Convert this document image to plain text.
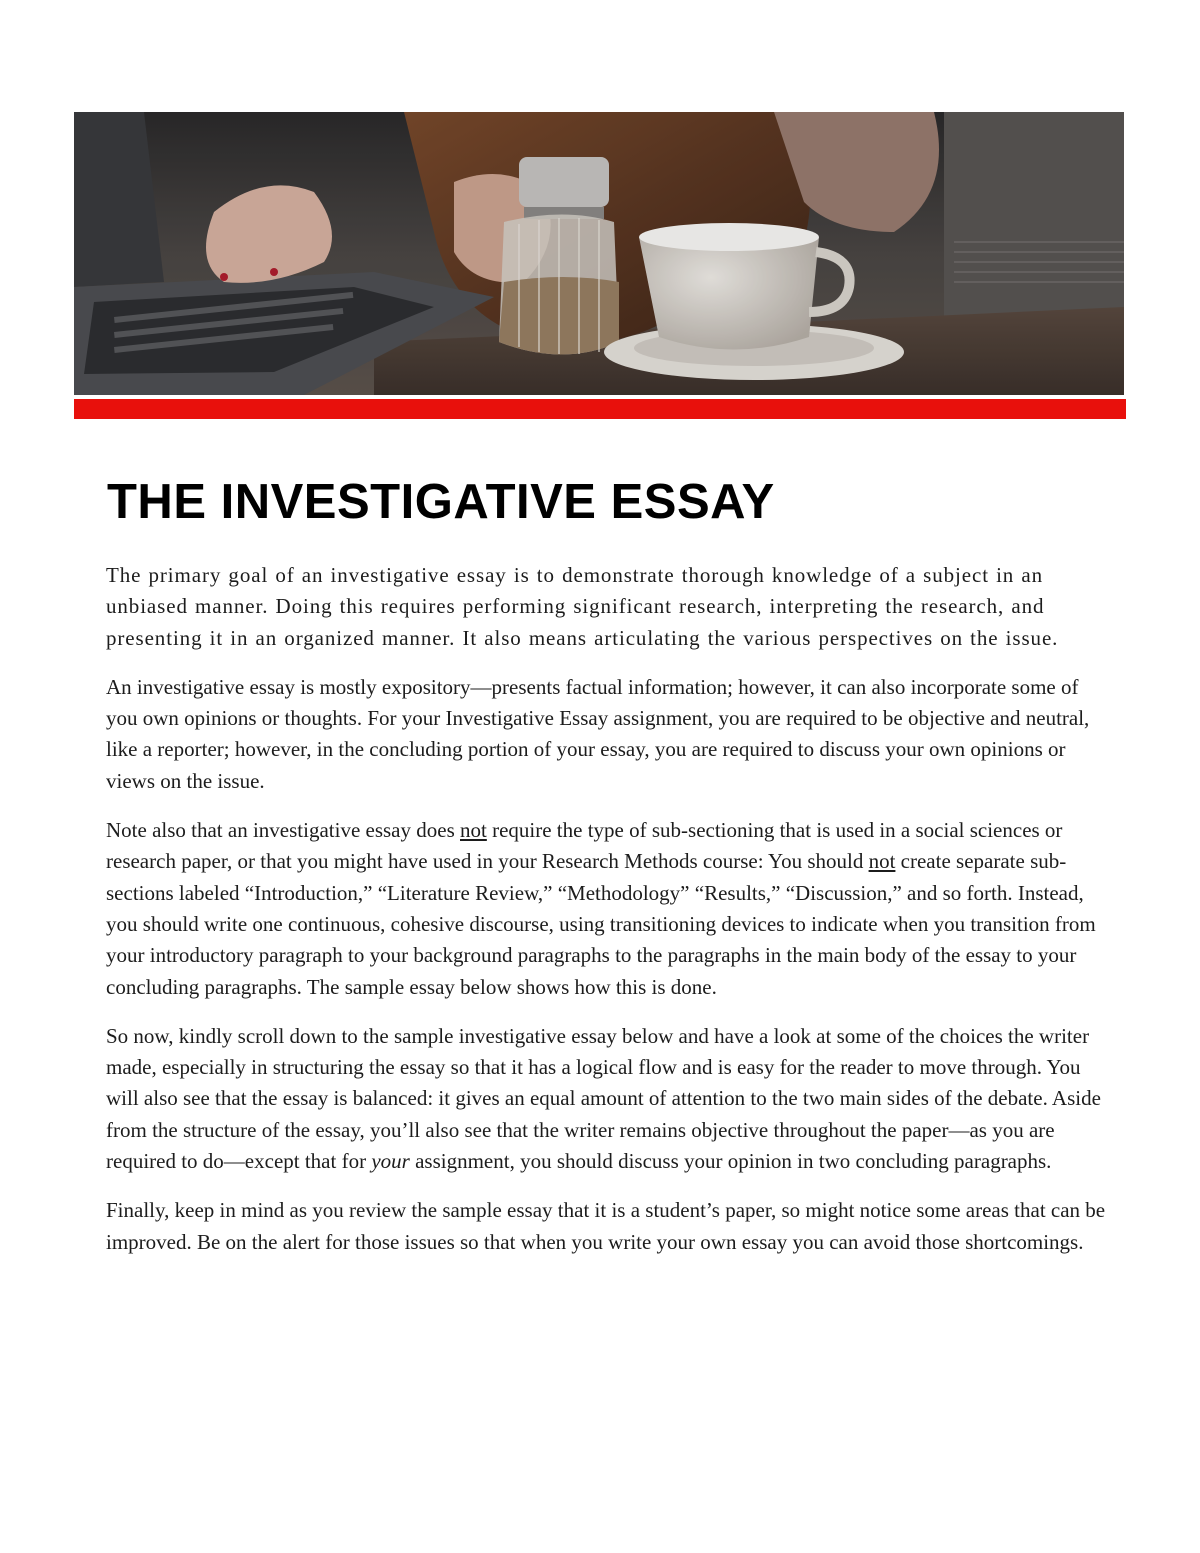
THE INVESTIGATIVE ESSAY

The primary goal of an investigative essay is to demonstrate thorough knowledge of a subject in an unbiased manner. Doing this requires performing significant research, interpreting the research, and presenting it in an organized manner. It also means articulating the various perspectives on the issue.

An investigative essay is mostly expository—presents factual information; however, it can also incorporate some of you own opinions or thoughts. For your Investigative Essay assignment, you are required to be objective and neutral, like a reporter; however, in the concluding portion of your essay, you are required to discuss your own opinions or views on the issue.

Note also that an investigative essay does not require the type of sub-sectioning that is used in a social sciences or research paper, or that you might have used in your Research Methods course: You should not create separate sub-sections labeled “Introduction,” “Literature Review,” “Methodology” “Results,” “Discussion,” and so forth. Instead, you should write one continuous, cohesive discourse, using transitioning devices to indicate when you transition from your introductory paragraph to your background paragraphs to the paragraphs in the main body of the essay to your concluding paragraphs. The sample essay below shows how this is done.

So now, kindly scroll down to the sample investigative essay below and have a look at some of the choices the writer made, especially in structuring the essay so that it has a logical flow and is easy for the reader to move through. You will also see that the essay is balanced: it gives an equal amount of attention to the two main sides of the debate. Aside from the structure of the essay, you’ll also see that the writer remains objective throughout the paper—as you are required to do—except that for your assignment, you should discuss your opinion in two concluding paragraphs.

Finally, keep in mind as you review the sample essay that it is a student’s paper, so might notice some areas that can be improved. Be on the alert for those issues so that when you write your own essay you can avoid those shortcomings.
